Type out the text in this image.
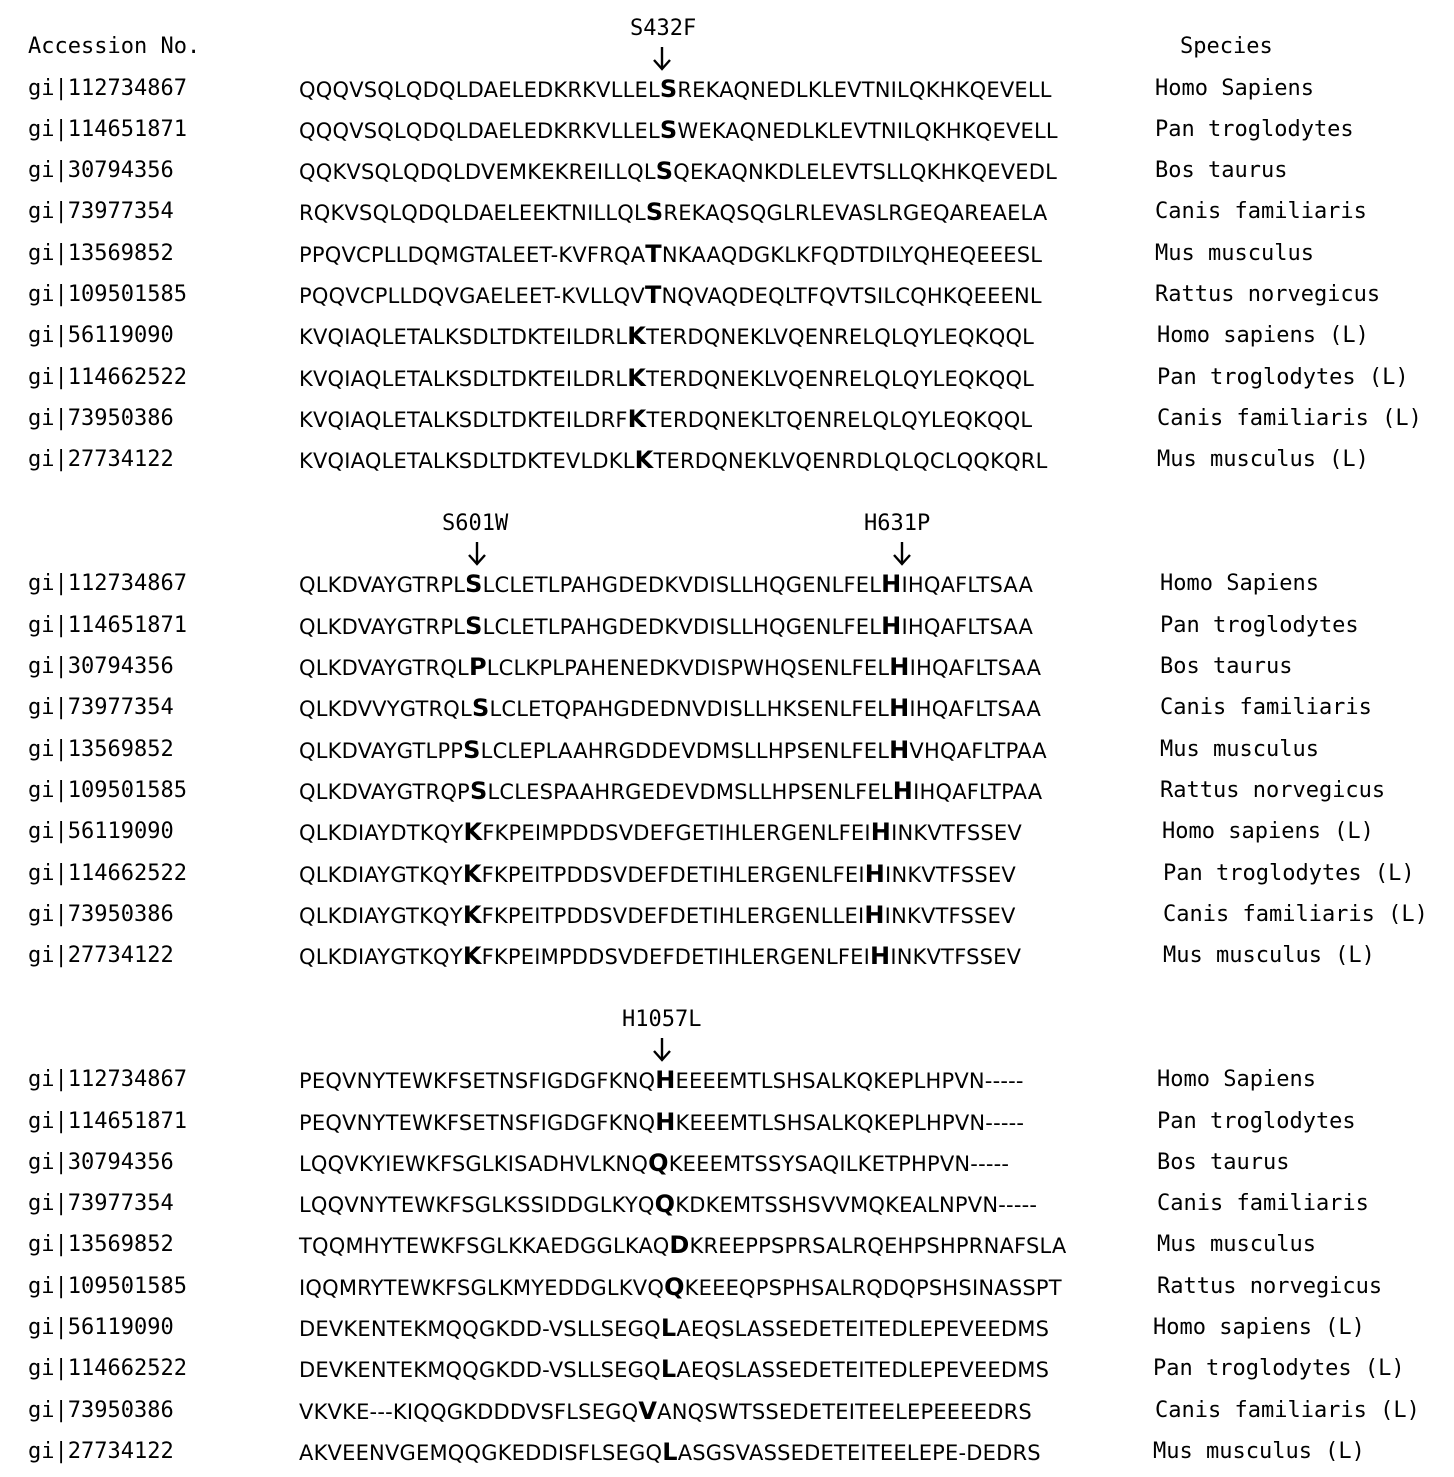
Accession No.	Species
S432F
gi|112734867	QQQVSQLQDQLDAELEDKRKVLLELSREKAQNEDLKLEVTNILQKHKQEVELL	Homo Sapiens
gi|114651871	QQQVSQLQDQLDAELEDKRKVLLELSWEKAQNEDLKLEVTNILQKHKQEVELL	Pan troglodytes
gi|30794356	QQKVSQLQDQLDVEMKEKREILLQLSQEKAQNKDLELEVTSLLQKHKQEVEDL	Bos taurus
gi|73977354	RQKVSQLQDQLDAELEEKTNILLQLSREKAQSQGLRLEVASLRGEQAREAELA	Canis familiaris
gi|13569852	PPQVCPLLDQMGTALEET-KVFRQATNKAAQDGKLKFQDTDILYQHEQEEESL	Mus musculus
gi|109501585	PQQVCPLLDQVGAELEET-KVLLQVTNQVAQDEQLTFQVTSILCQHKQEEENL	Rattus norvegicus
gi|56119090	KVQIAQLETALKSDLTDKTEILDRLKTERDQNEKLVQENRELQLQYLEQKQQL	Homo sapiens (L)
gi|114662522	KVQIAQLETALKSDLTDKTEILDRLKTERDQNEKLVQENRELQLQYLEQKQQL	Pan troglodytes (L)
gi|73950386	KVQIAQLETALKSDLTDKTEILDRFKTERDQNEKLTQENRELQLQYLEQKQQL	Canis familiaris (L)
gi|27734122	KVQIAQLETALKSDLTDKTEVLDKLKTERDQNEKLVQENRDLQLQCLQQKQRL	Mus musculus (L)
S601W	H631P
gi|112734867	QLKDVAYGTRPLSLCLETLPAHGDEDKVDISLLHQGENLFELHIHQAFLTSAA	Homo Sapiens
gi|114651871	QLKDVAYGTRPLSLCLETLPAHGDEDKVDISLLHQGENLFELHIHQAFLTSAA	Pan troglodytes
gi|30794356	QLKDVAYGTRQLPLCLKPLPAHENEDKVDISPWHQSENLFELHIHQAFLTSAA	Bos taurus
gi|73977354	QLKDVVYGTRQLSLCLETQPAHGDEDNVDISLLHKSENLFELHIHQAFLTSAA	Canis familiaris
gi|13569852	QLKDVAYGTLPPSLCLEPLAAHRGDDEVDMSLLHPSENLFELHVHQAFLTPAA	Mus musculus
gi|109501585	QLKDVAYGTRQPSLCLESPAAHRGEDEVDMSLLHPSENLFELHIHQAFLTPAA	Rattus norvegicus
gi|56119090	QLKDIAYDTKQYKFKPEIMPDDSVDEFGETIHLERGENLFEIHINKVTFSSEV	Homo sapiens (L)
gi|114662522	QLKDIAYGTKQYKFKPEITPDDSVDEFDETIHLERGENLFEIHINKVTFSSEV	Pan troglodytes (L)
gi|73950386	QLKDIAYGTKQYKFKPEITPDDSVDEFDETIHLERGENLLEIHINKVTFSSEV	Canis familiaris (L)
gi|27734122	QLKDIAYGTKQYKFKPEIMPDDSVDEFDETIHLERGENLFEIHINKVTFSSEV	Mus musculus (L)
H1057L
gi|112734867	PEQVNYTEWKFSETNSFIGDGFKNQHEEEEMTLSHSALKQKEPLHPVN-----	Homo Sapiens
gi|114651871	PEQVNYTEWKFSETNSFIGDGFKNQHKEEEMTLSHSALKQKEPLHPVN-----	Pan troglodytes
gi|30794356	LQQVKYIEWKFSGLKISADHVLKNQQKEEEMTSSYSAQILKETPHPVN-----	Bos taurus
gi|73977354	LQQVNYTEWKFSGLKSSIDDGLKYQQKDKEMTSSHSVVMQKEALNPVN-----	Canis familiaris
gi|13569852	TQQMHYTEWKFSGLKKAEDGGLKAQDKREEPPSPRSALRQEHPSHPRNAFSLA	Mus musculus
gi|109501585	IQQMRYTEWKFSGLKMYEDDGLKVQQKEEEQPSPHSALRQDQPSHSINASSPT	Rattus norvegicus
gi|56119090	DEVKENTEKMQQGKDD-VSLLSEGQLAEQSLASSEDETEITEDLEPEVEEDMS	Homo sapiens (L)
gi|114662522	DEVKENTEKMQQGKDD-VSLLSEGQLAEQSLASSEDETEITEDLEPEVEEDMS	Pan troglodytes (L)
gi|73950386	VKVKE---KIQQGKDDDVSFLSEGQVANQSWTSSEDETEITEELEPEEEEDRS	Canis familiaris (L)
gi|27734122	AKVEENVGEMQQGKEDDISFLSEGQLASGSVASSEDETEITEELEPE-DEDRS	Mus musculus (L)
